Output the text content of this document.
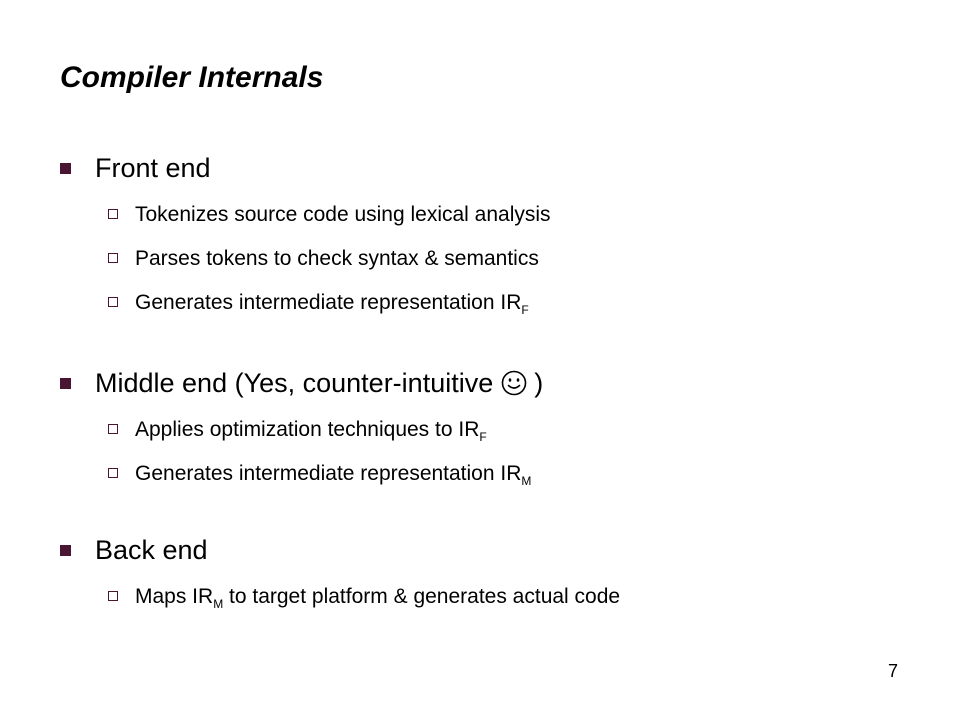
Compiler Internals
Front end
Tokenizes source code using lexical analysis
Parses tokens to check syntax & semantics
Generates intermediate representation $IR_F$
Middle end (Yes, counter-intuitive  )
Applies optimization techniques to $IR_F$
Generates intermediate representation $IR_M$
Back end
Maps $IR_M$ to target platform & generates actual code
7
